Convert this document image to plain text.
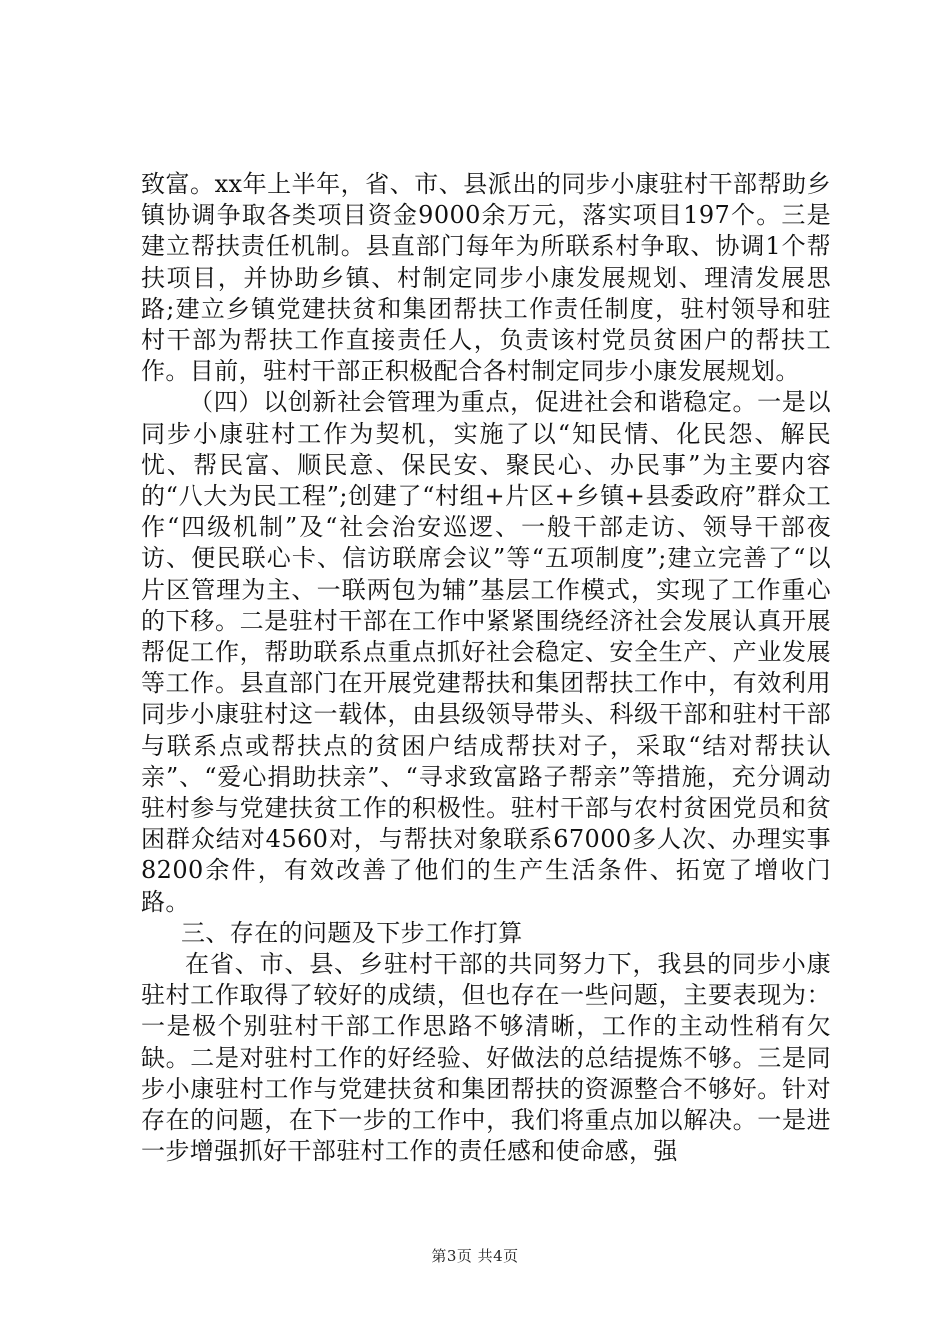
致富。xx年上半年，省、市、县派出的同步小康驻村干部帮助乡镇协调争取各类项目资金9000余万元，落实项目197个。三是建立帮扶责任机制。县直部门每年为所联系村争取、协调1个帮扶项目，并协助乡镇、村制定同步小康发展规划、理清发展思路;建立乡镇党建扶贫和集团帮扶工作责任制度，驻村领导和驻村干部为帮扶工作直接责任人，负责该村党员贫困户的帮扶工作。目前，驻村干部正积极配合各村制定同步小康发展规划。

（四）以创新社会管理为重点，促进社会和谐稳定。一是以同步小康驻村工作为契机，实施了以“知民情、化民怨、解民忧、帮民富、顺民意、保民安、聚民心、办民事”为主要内容的“八大为民工程”;创建了“村组+片区+乡镇+县委政府”群众工作“四级机制”及“社会治安巡逻、一般干部走访、领导干部夜访、便民联心卡、信访联席会议”等“五项制度”;建立完善了“以片区管理为主、一联两包为辅”基层工作模式，实现了工作重心的下移。二是驻村干部在工作中紧紧围绕经济社会发展认真开展帮促工作，帮助联系点重点抓好社会稳定、安全生产、产业发展等工作。县直部门在开展党建帮扶和集团帮扶工作中，有效利用同步小康驻村这一载体，由县级领导带头、科级干部和驻村干部与联系点或帮扶点的贫困户结成帮扶对子，采取“结对帮扶认亲”、“爱心捐助扶亲”、“寻求致富路子帮亲”等措施，充分调动驻村参与党建扶贫工作的积极性。驻村干部与农村贫困党员和贫困群众结对4560对，与帮扶对象联系67000多人次、办理实事8200余件，有效改善了他们的生产生活条件、拓宽了增收门路。

三、存在的问题及下步工作打算

在省、市、县、乡驻村干部的共同努力下，我县的同步小康驻村工作取得了较好的成绩，但也存在一些问题，主要表现为：一是极个别驻村干部工作思路不够清晰，工作的主动性稍有欠缺。二是对驻村工作的好经验、好做法的总结提炼不够。三是同步小康驻村工作与党建扶贫和集团帮扶的资源整合不够好。针对存在的问题，在下一步的工作中，我们将重点加以解决。一是进一步增强抓好干部驻村工作的责任感和使命感，强

第3页 共4页
